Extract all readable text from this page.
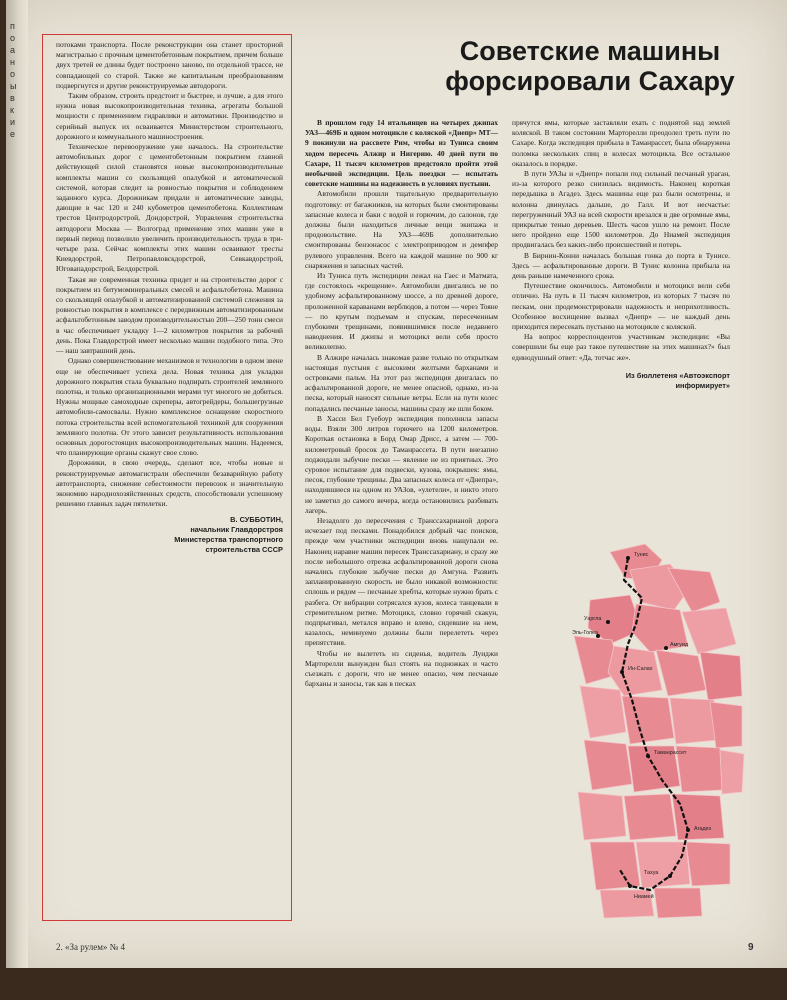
п
о
а
н
о
ы
в
к
и
е

потоками транспорта. После реконструкции она станет просторной магистралью с прочным цементобетонным покрытием, причем больше двух третей ее длины будет построено заново, по отдельной трассе, не совпадающей со старой. Также же капитальным преобразованиям подвергнутся и другие реконструируемые автодороги.

Таким образом, строить предстоит и быстрее, и лучше, а для этого нужна новая высокопроизводительная техника, агрегаты большой мощности с применением гидравлики и автоматики. Производство и серийный выпуск их осваивается Министерством строительного, дорожного и коммунального машиностроения.

Техническое перевооружение уже началось. На строительстве автомобильных дорог с цементобетонным покрытием главной действующей силой становятся новые высокопроизводительные комплекты машин со скользящей опалубкой и автоматической системой, которая следит за ровностью покрытия и соблюдением заданного курса. Дорожникам придали и автоматические заводы, дающие в час 120 и 240 кубометров цементобетона. Коллективам трестов Центродорстрой, Дондорстрой, Управления строительства автодороги Москва — Волгоград применение этих машин уже в первый период позволило увеличить производительность труда в три-четыре раза. Сейчас комплекты этих машин осваивают тресты Киевдорстрой, Петропавловскдорстрой, Севкавдорстрой, Юговападорстрой, Белдорстрой.

Такая же современная техника придет и на строительство дорог с покрытием из битумоминеральных смесей и асфальтобетона. Машина со скользящей опалубкой и автоматизированной системой слежения за ровностью покрытия в комплексе с передвижным автоматизированным асфальтобетонным заводом производительностью 200—250 тонн смеси в час обеспечивает укладку 1—2 километров покрытия за рабочий день. Пока Главдорстрой имеет несколько машин подобного типа. Это — наш завтрашний день.

Однако совершенствование механизмов и технологии в одном звене еще не обеспечивает успеха дела. Новая техника для укладки дорожного покрытия стала буквально подпирать строителей земляного полотна, и только организационными мерами тут многого не добиться. Нужны мощные самоходные скреперы, автогрейдеры, большегрузные автомобили-самосвалы. Нужно комплексное оснащение скоростного потока строительства всей вспомогательной техникой для сооружения земляного полотна. От этого зависит результативность использования основных дорогостоящих высокопроизводительных машин. Надеемся, что планирующие органы скажут свое слово.

Дорожники, в свою очередь, сделают все, чтобы новые и реконструируемые автомагистрали обеспечили безаварийную работу автотранспорта, снижение себестоимости перевозок и значительную экономию народнохозяйственных средств, способствовали успешному решению главных задач пятилетки.

В. СУББОТИН,
начальник Главдорстроя
Министерства транспортного
строительства СССР
Советские машины
форсировали Сахару

В прошлом году 14 итальянцев на четырех джипах УАЗ—469Б и одном мотоцикле с коляской «Днепр» МТ—9 покинули на рассвете Рим, чтобы из Туниса своим ходом пересечь Алжир и Нигерию. 40 дней пути по Сахаре, 11 тысяч километров предстояло пройти этой необычной экспедиции. Цель поездки — испытать советские машины на надежность в условиях пустыни.

Автомобили прошли тщательную предварительную подготовку: от багажников, на которых были смонтированы запасные колеса и баки с водой и горючим, до салонов, где должны были находиться личные вещи экипажа и продовольствие. На УАЗ—469Б дополнительно смонтированы бензонасос с электроприводом и демпфер рулевого управления. Всего на каждой машине по 900 кг снаряжения и запасных частей.

Из Туниса путь экспедиции лежал на Гаес и Матмата, где состоялось «крещение». Автомобили двигались не по удобному асфальтированному шоссе, а по древней дороге, проложенной караванами верблюдов, а потом — через Тояне — по крутым подъемам и спускам, пересеченным глубокими трещинами, появившимися после недавнего наводнения. И джипы и мотоцикл вели себя просто великолепно.

В Алжире началась знакомая разве только по открыткам настоящая пустыня с высокими желтыми барханами и островками пальм. На этот раз экспедиция двигалась по асфальтированной дороге, не менее опасной, однако, из-за песка, который наносят сильные ветры. Если на пути колес попадались песчаные заносы, машины сразу же шли боком.

В Хасси Бел Гуебоур экспедиция пополнила запасы воды. Взяли 300 литров горючего на 1200 километров. Короткая остановка в Борд Омар Дрисс, а затем — 700-километровый бросок до Таманрассета. В пути внезапно поджидали зыбучие пески — явление не из приятных. Это суровое испытание для подвески, кузова, покрышек: ямы, песок, глубокие трещины. Два запасных колеса от «Днепра», находившиеся на одном из УАЗов, «улетели», и никто этого не заметил до самого вечера, когда остановились разбивать лагерь.

Незадолго до пересечения с Транссахарианой дорога исчезает под песками. Понадобился добрый час поисков, прежде чем участники экспедиции вновь нащупали ее. Наконец наравне машин пересек Транссахариану, и сразу же после небольшого отрезка асфальтированной дороги снова начались глубокие зыбучие пески до Амгуна. Развить запланированную скорость не было никакой возможности: сплошь и рядом — песчаные хребты, которые нужно брать с разбега. От вибрации сотрясался кузов, колеса танцевали в стремительном ритме. Мотоцикл, словно горячий скакун, подпрыгивал, метался вправо и влево, сидевшие на нем, казалось, неминуемо должны были перелететь через препятствия.

Чтобы не вылететь из сиденья, водитель Луиджи Марторелли вынужден был стоять на подножках и часто съезжать с дороги, что не менее опасно, чем песчаные барханы и заносы, так как в песках

прячутся ямы, которые заставляли ехать с поднятой над землей коляской. В таком состоянии Марторелли преодолел треть пути по Сахаре. Когда экспедиция прибыла в Таманрассет, была обнаружена поломка нескольких спиц в колесах мотоцикла. Все остальное оказалось в порядке.

В пути УАЗы и «Днепр» попали под сильный песчаный ураган, из-за которого резко снизилась видимость. Наконец короткая передышка в Агадез. Здесь машины еще раз были осмотрены, и колонна двинулась дальше, до Галл. И вот несчастье: перегруженный УАЗ на всей скорости врезался в две огромные ямы, прикрытые тенью деревьев. Шесть часов ушло на ремонт. После него пройдено еще 1500 километров. До Ниамей экспедиция продвигалась без каких-либо происшествий и потерь.

В Бирнин-Конни началась большая гонка до порта в Тунисе. Здесь — асфальтированные дороги. В Тунис колонна прибыла на день раньше намеченного срока.

Путешествие окончилось. Автомобили и мотоцикл вели себя отлично. На путь в 11 тысяч километров, из которых 7 тысяч по пескам, они продемонстрировали надежность и неприхотливость. Особенное восхищение вызвал «Днепр» — не каждый день приходится пересекать пустыню на мотоцикле с коляской.

На вопрос корреспондентов участникам экспедиции: «Вы совершили бы еще раз такое путешествие на этих машинах?» был единодушный ответ: «Да, тотчас же».

Из бюллетеня «Автоэкспорт информирует»
Тунис
Уаргла
Эль-Голеа
Ин-Салах
Амгуид
Таманрассет
Агадез
Тахуа
Ниамей
2. «За рулем» № 4	9
